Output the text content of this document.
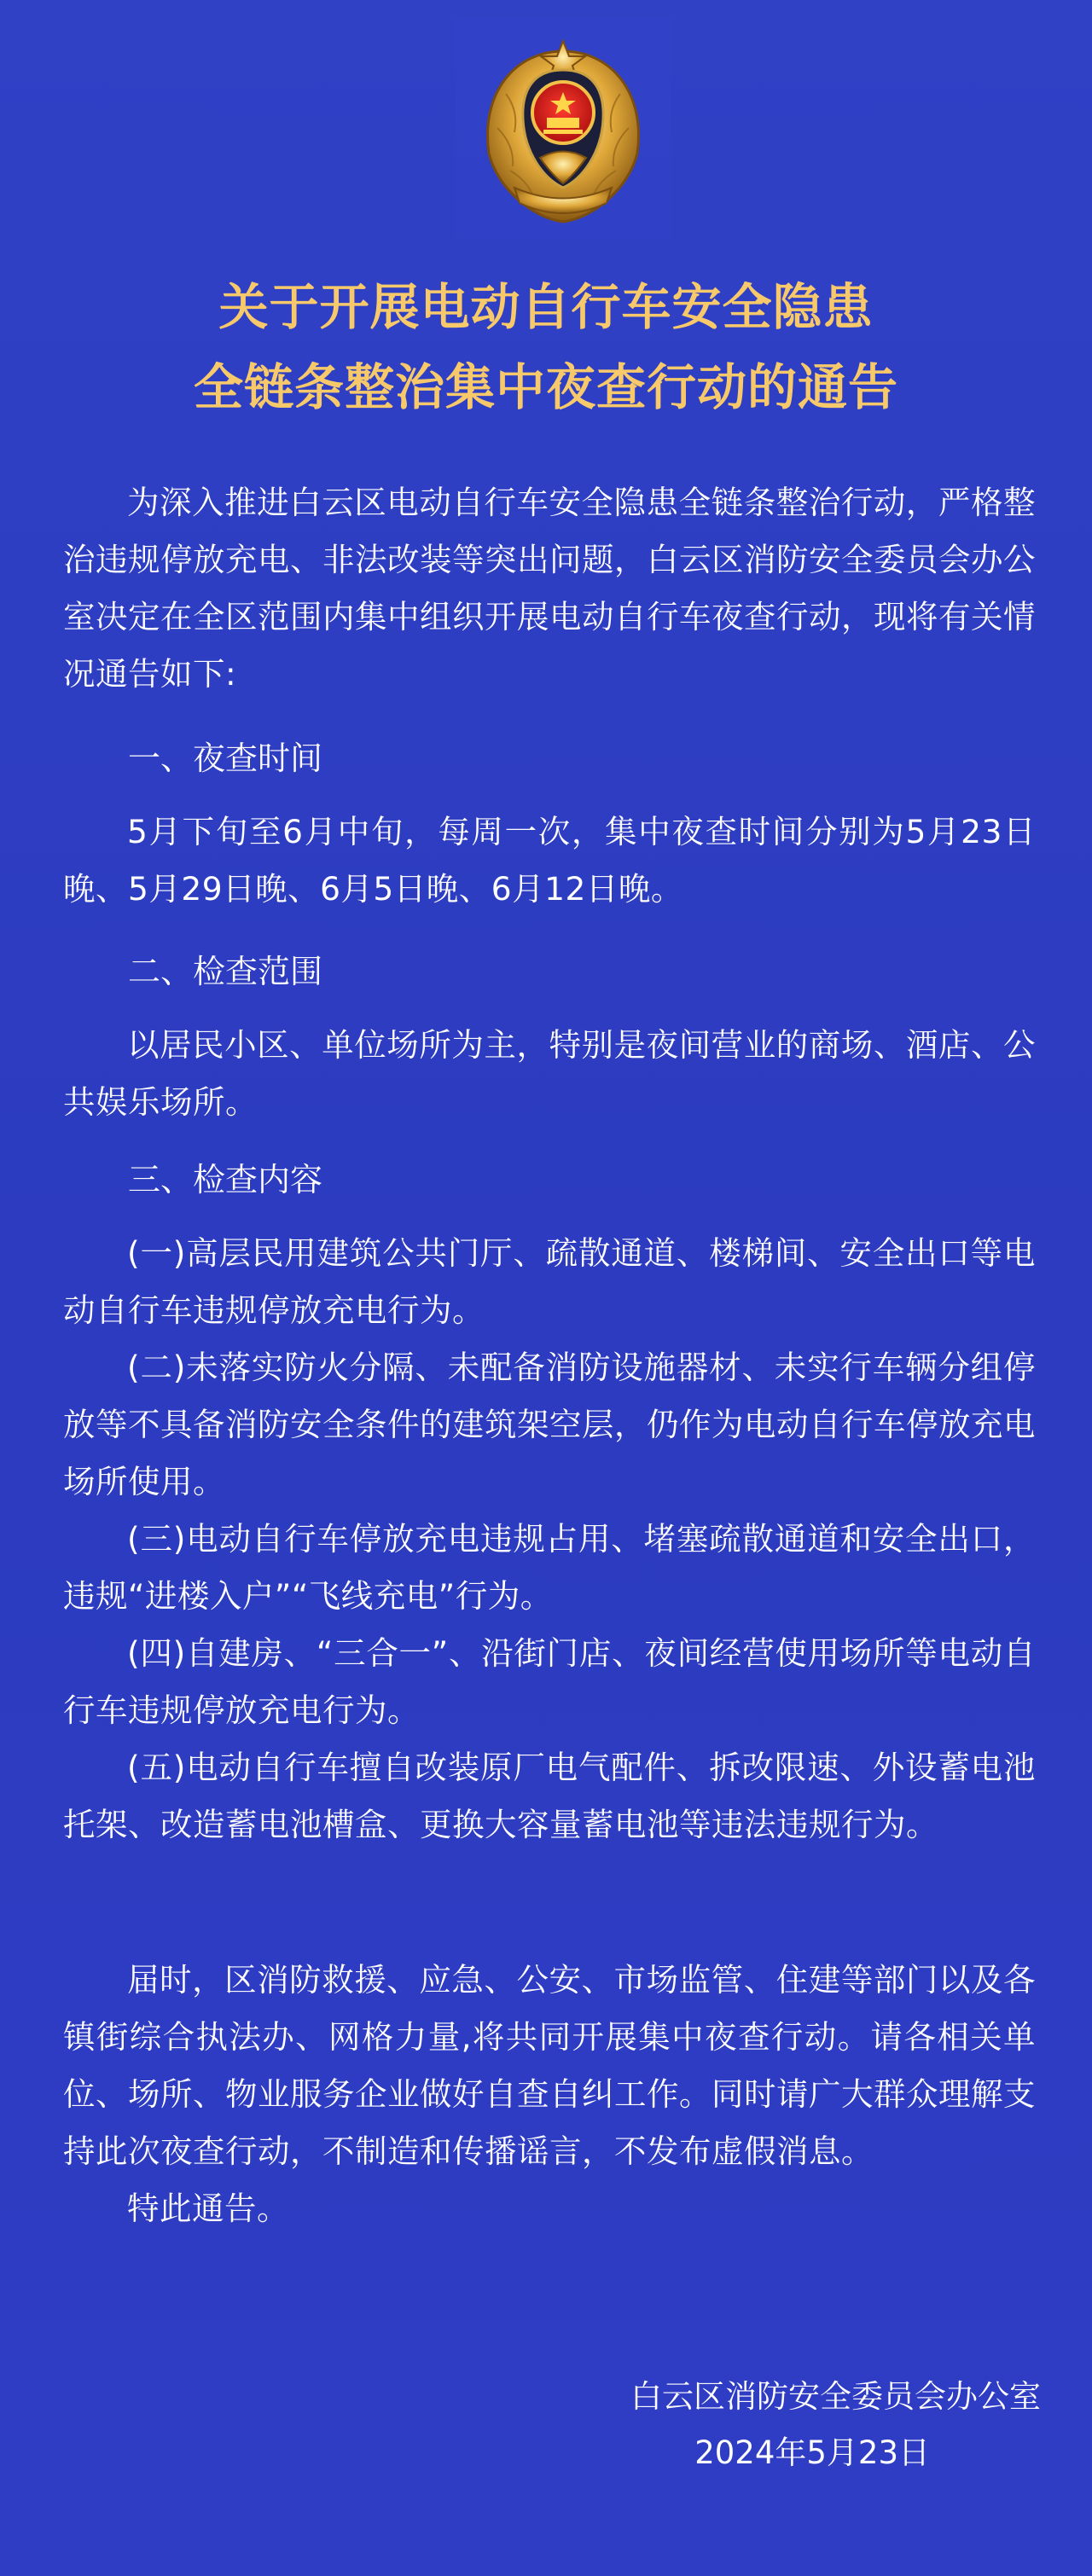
关于开展电动自行车安全隐患
全链条整治集中夜查行动的通告

为深入推进白云区电动自行车安全隐患全链条整治行动，严格整治违规停放充电、非法改装等突出问题，白云区消防安全委员会办公室决定在全区范围内集中组织开展电动自行车夜查行动，现将有关情况通告如下:

一、夜查时间

5月下旬至6月中旬，每周一次，集中夜查时间分别为5月23日晚、5月29日晚、6月5日晚、6月12日晚。

二、检查范围

以居民小区、单位场所为主，特别是夜间营业的商场、酒店、公共娱乐场所。

三、检查内容

(一)高层民用建筑公共门厅、疏散通道、楼梯间、安全出口等电动自行车违规停放充电行为。

(二)未落实防火分隔、未配备消防设施器材、未实行车辆分组停放等不具备消防安全条件的建筑架空层，仍作为电动自行车停放充电场所使用。

(三)电动自行车停放充电违规占用、堵塞疏散通道和安全出口，违规“进楼入户”“飞线充电”行为。

(四)自建房、“三合一”、沿街门店、夜间经营使用场所等电动自行车违规停放充电行为。

(五)电动自行车擅自改装原厂电气配件、拆改限速、外设蓄电池托架、改造蓄电池槽盒、更换大容量蓄电池等违法违规行为。

届时，区消防救援、应急、公安、市场监管、住建等部门以及各镇街综合执法办、网格力量,将共同开展集中夜查行动。请各相关单位、场所、物业服务企业做好自查自纠工作。同时请广大群众理解支持此次夜查行动，不制造和传播谣言，不发布虚假消息。

特此通告。

白云区消防安全委员会办公室
2024年5月23日
